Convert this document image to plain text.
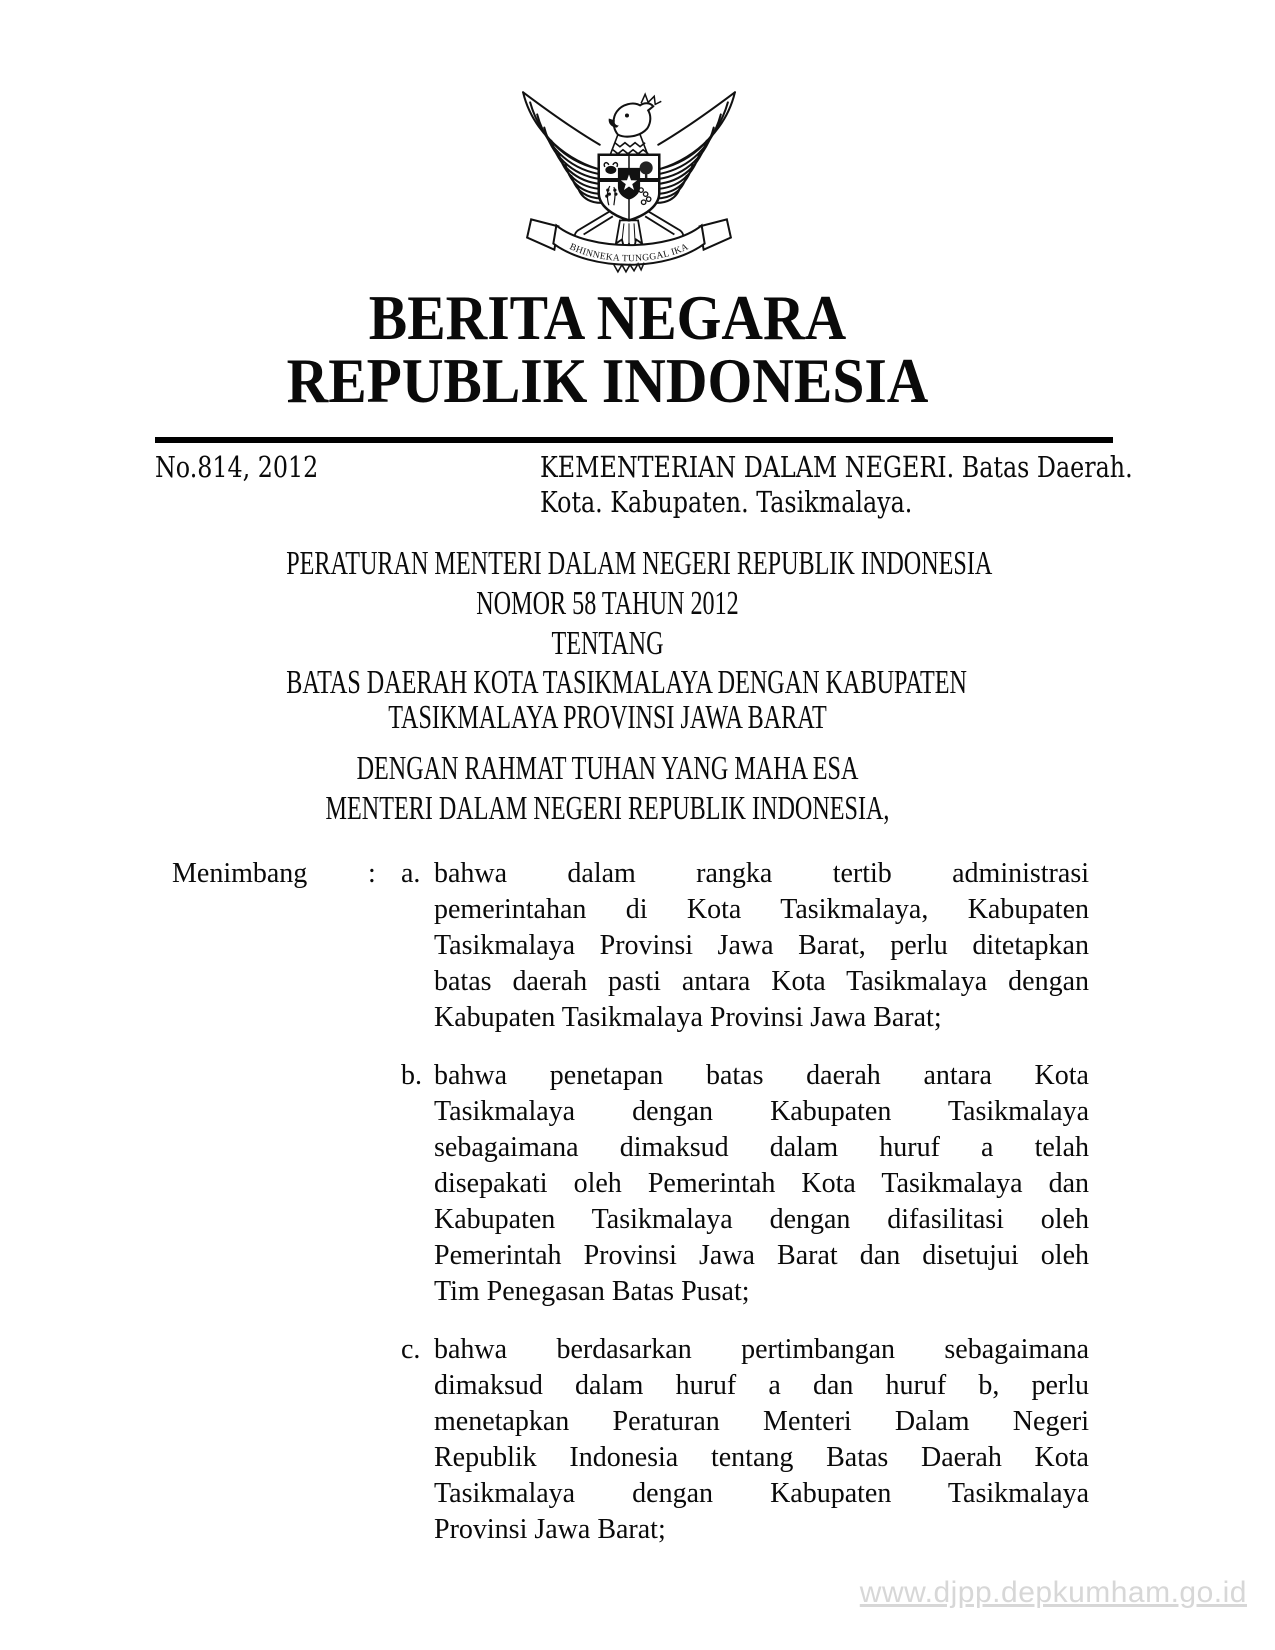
BHINNEKA TUNGGAL IKA
BERITA NEGARA
REPUBLIK INDONESIA
No.814, 2012	KEMENTERIAN DALAM NEGERI. Batas Daerah.
Kota. Kabupaten. Tasikmalaya.
PERATURAN MENTERI DALAM NEGERI REPUBLIK INDONESIA
NOMOR 58 TAHUN 2012
TENTANG
BATAS DAERAH KOTA TASIKMALAYA DENGAN KABUPATEN
TASIKMALAYA PROVINSI JAWA BARAT
DENGAN RAHMAT TUHAN YANG MAHA ESA
MENTERI DALAM NEGERI REPUBLIK INDONESIA,
Menimbang	: a. bahwa dalam rangka tertib administrasi
pemerintahan di Kota Tasikmalaya, Kabupaten
Tasikmalaya Provinsi Jawa Barat, perlu ditetapkan
batas daerah pasti antara Kota Tasikmalaya dengan
Kabupaten Tasikmalaya Provinsi Jawa Barat;
b. bahwa penetapan batas daerah antara Kota
Tasikmalaya dengan Kabupaten Tasikmalaya
sebagaimana dimaksud dalam huruf a telah
disepakati oleh Pemerintah Kota Tasikmalaya dan
Kabupaten Tasikmalaya dengan difasilitasi oleh
Pemerintah Provinsi Jawa Barat dan disetujui oleh
Tim Penegasan Batas Pusat;
c. bahwa berdasarkan pertimbangan sebagaimana
dimaksud dalam huruf a dan huruf b, perlu
menetapkan Peraturan Menteri Dalam Negeri
Republik Indonesia tentang Batas Daerah Kota
Tasikmalaya dengan Kabupaten Tasikmalaya
Provinsi Jawa Barat;
www.djpp.depkumham.go.id
